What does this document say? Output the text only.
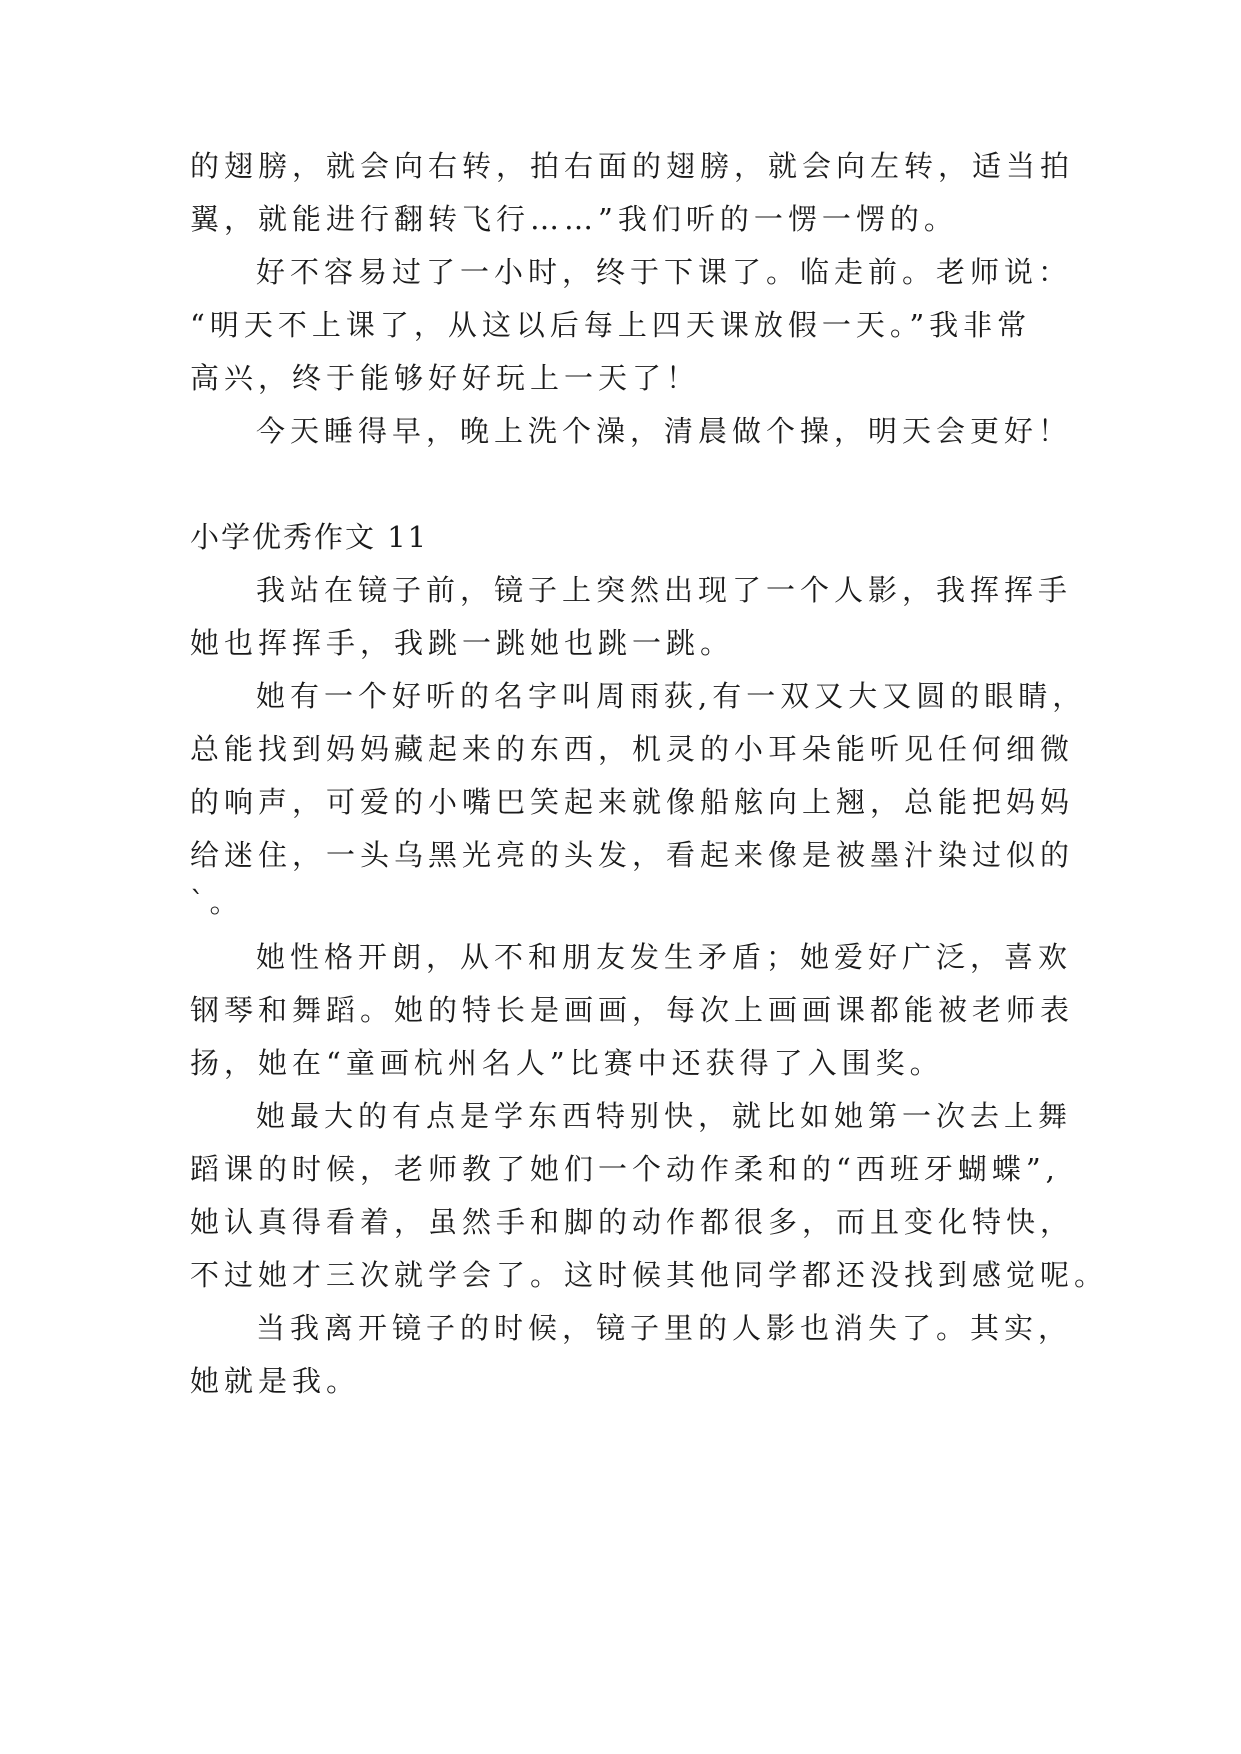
的翅膀，就会向右转，拍右面的翅膀，就会向左转，适当拍
翼，就能进行翻转飞行……”我们听的一愣一愣的。
好不容易过了一小时，终于下课了。临走前。老师说：
“明天不上课了，从这以后每上四天课放假一天。”我非常
高兴，终于能够好好玩上一天了！
今天睡得早，晚上洗个澡，清晨做个操，明天会更好！
小学优秀作文 11
我站在镜子前，镜子上突然出现了一个人影，我挥挥手
她也挥挥手，我跳一跳她也跳一跳。
她有一个好听的名字叫周雨荻,有一双又大又圆的眼睛，
总能找到妈妈藏起来的东西，机灵的小耳朵能听见任何细微
的响声，可爱的小嘴巴笑起来就像船舷向上翘，总能把妈妈
给迷住，一头乌黑光亮的头发，看起来像是被墨汁染过似的
`。
她性格开朗，从不和朋友发生矛盾；她爱好广泛，喜欢
钢琴和舞蹈。她的特长是画画，每次上画画课都能被老师表
扬，她在“童画杭州名人”比赛中还获得了入围奖。
她最大的有点是学东西特别快，就比如她第一次去上舞
蹈课的时候，老师教了她们一个动作柔和的“西班牙蝴蝶”,
她认真得看着，虽然手和脚的动作都很多，而且变化特快，
不过她才三次就学会了。这时候其他同学都还没找到感觉呢。
当我离开镜子的时候，镜子里的人影也消失了。其实，
她就是我。
